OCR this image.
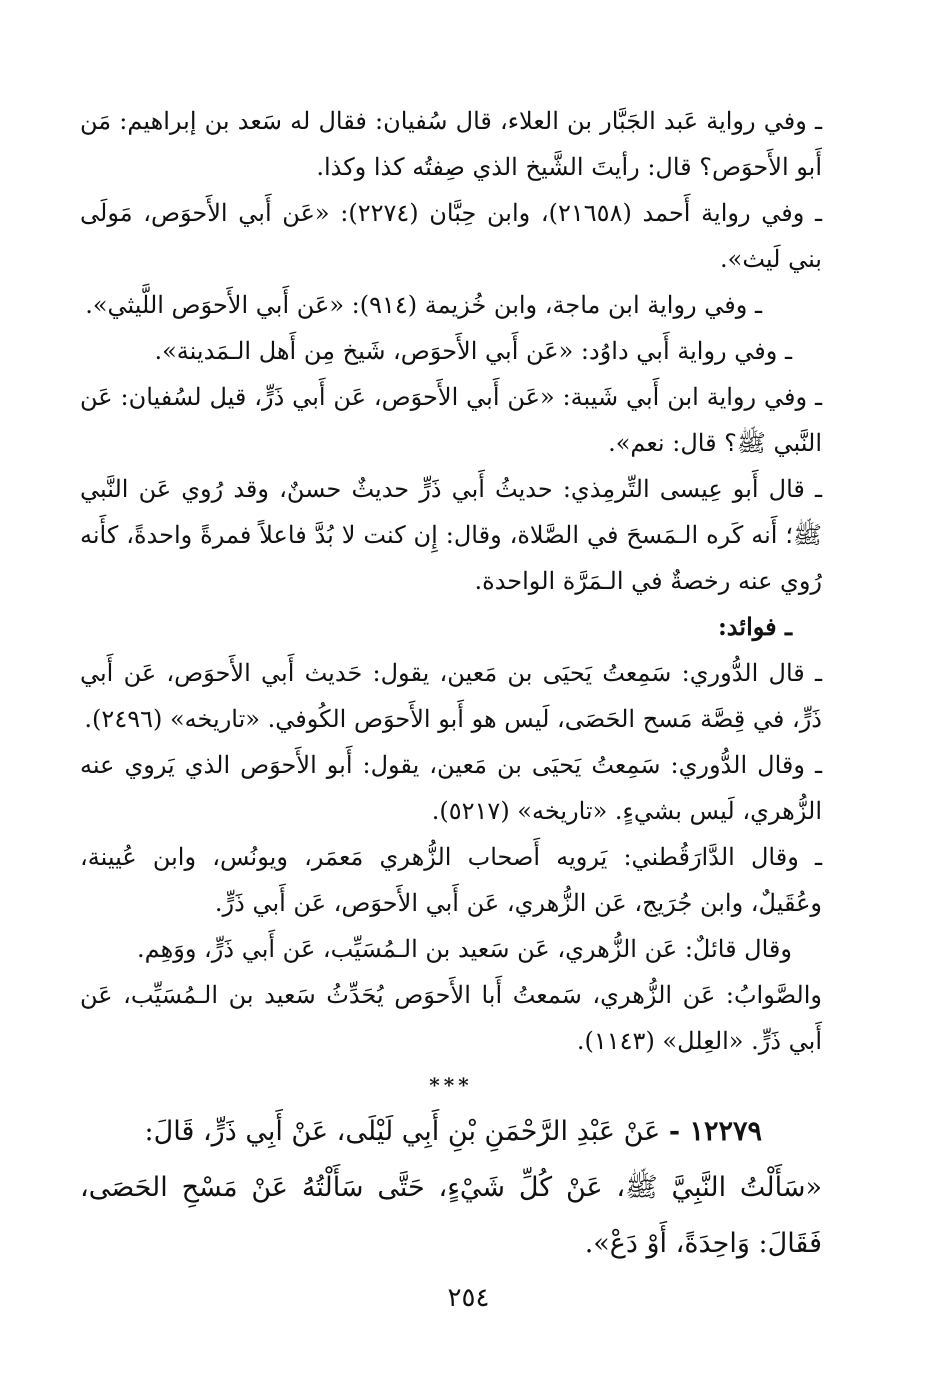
ـ وفي رواية عَبد الجَبَّار بن العلاء، قال سُفيان: فقال له سَعد بن إبراهيم: مَن أَبو الأَحوَص؟ قال: رأيتَ الشَّيخ الذي صِفتُه كذا وكذا.

ـ وفي رواية أَحمد (٢١٦٥٨)، وابن حِبَّان (٢٢٧٤): «عَن أَبي الأَحوَص، مَولَى بني لَيث».

ـ وفي رواية ابن ماجة، وابن خُزيمة (٩١٤): «عَن أَبي الأَحوَص اللَّيثي».

ـ وفي رواية أَبي داوُد: «عَن أَبي الأَحوَص، شَيخ مِن أَهل الـمَدينة».

ـ وفي رواية ابن أَبي شَيبة: «عَن أَبي الأَحوَص، عَن أَبي ذَرٍّ، قيل لسُفيان: عَن النَّبي ﷺ؟ قال: نعم».

ـ قال أَبو عِيسى التِّرمِذي: حديثُ أَبي ذَرٍّ حديثٌ حسنٌ، وقد رُوي عَن النَّبي ﷺ؛ أَنه كَره الـمَسحَ في الصَّلاة، وقال: إِن كنت لا بُدَّ فاعلاً فمرةً واحدةً، كأَنه رُوي عنه رخصةٌ في الـمَرَّة الواحدة.

ـ فوائد:

ـ قال الدُّوري: سَمِعتُ يَحيَى بن مَعين، يقول: حَديث أَبي الأَحوَص، عَن أَبي ذَرٍّ، في قِصَّة مَسح الحَصَى، لَيس هو أَبو الأَحوَص الكُوفي. «تاريخه» (٢٤٩٦).

ـ وقال الدُّوري: سَمِعتُ يَحيَى بن مَعين، يقول: أَبو الأَحوَص الذي يَروي عنه الزُّهري، لَيس بشيءٍ. «تاريخه» (٥٢١٧).

ـ وقال الدَّارَقُطني: يَرويه أَصحاب الزُّهري مَعمَر، ويونُس، وابن عُيينة، وعُقَيلٌ، وابن جُرَيج، عَن الزُّهري، عَن أَبي الأَحوَص، عَن أَبي ذَرٍّ.

وقال قائلٌ: عَن الزُّهري، عَن سَعيد بن الـمُسَيِّب، عَن أَبي ذَرٍّ، ووَهِم.

والصَّوابُ: عَن الزُّهري، سَمعتُ أَبا الأَحوَص يُحَدِّثُ سَعيد بن الـمُسَيِّب، عَن أَبي ذَرٍّ. «العِلل» (١١٤٣).

***

١٢٢٧٩ - عَنْ عَبْدِ الرَّحْمَنِ بْنِ أَبِي لَيْلَى، عَنْ أَبِي ذَرٍّ، قَالَ:

«سَأَلْتُ النَّبِيَّ ﷺ، عَنْ كُلِّ شَيْءٍ، حَتَّى سَأَلْتُهُ عَنْ مَسْحِ الحَصَى، فَقَالَ: وَاحِدَةً، أَوْ دَعْ».

٢٥٤
